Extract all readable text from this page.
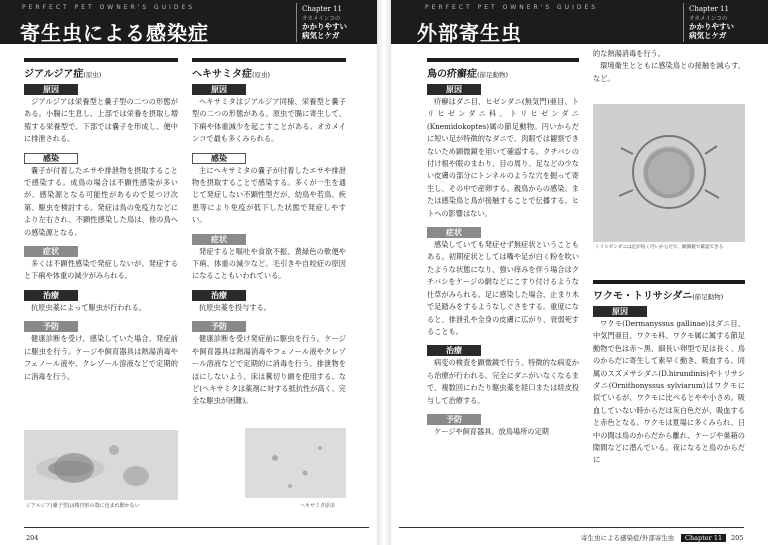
PERFECT PET OWNER'S GUIDES
寄生虫による感染症
Chapter 11
オカメインコの
かかりやすい
病気とケガ
ジアルジア症(原虫)
原因
ジアルジアは栄養型と嚢子型の二つの形態がある。小腸に生息し、上部では栄養を摂取し増殖する栄養型で、下部では嚢子を形成し、便中に排泄される。
感染
嚢子が付着したエサや排泄物を摂取することで感染する。成鳥の場合は不顕性感染が多いが、感染源となる可能性があるので見つけ次第、駆虫を検討する。発症は鳥の免疫力などにより左右され、不顕性感染した鳥は、他の鳥への感染源となる。
症状
多くは不顕性感染で発症しないが、発症すると下痢や体重の減少がみられる。
治療
抗原虫薬によって駆虫が行われる。
予防
健康診断を受け、感染していた場合、発症前に駆虫を行う。ケージや飼育器具は熱湯消毒やフェノール液や、クレゾール溶液などで定期的に消毒を行う。
ヘキサミタ症(原虫)
原因
ヘキサミタはジアルジア同様、栄養型と嚢子型の二つの形態がある。原虫で腸に寄生して、下痢や体重減少を起こすことがある。オカメインコで最も多くみられる。
感染
主にヘキサミタの嚢子が付着したエサや排泄物を摂取することで感染する。多くが一生を通じて発症しない不顕性型だが、幼鳥や若鳥、疾患等により免疫が低下した状態で発症しやすい。
症状
発症すると嘔吐や食欲不振、黄緑色の軟便や下痢、体重の減少など。毛引きや自咬症の原因になることもいわれている。
治療
抗原虫薬を投与する。
予防
健康診断を受け発症前に駆虫を行う。ケージや飼育器具は熱湯消毒やフェノール液やクレゾール溶液などで定期的に消毒を行う。排泄物をはにしないよう、床は糞切り網を使用する、など(ヘキサミタは薬剤に対する抵抗性が高く、完全な駆虫が困難)。
ジアルジア(嚢子型)は楕円形の殻に包まれ動かない	ヘキサミタ原虫
204
PERFECT PET OWNER'S GUIDES
外部寄生虫
Chapter 11
オカメインコの
かかりやすい
病気とケガ
鳥の疥癬症(節足動物)
原因
疥癬はダニ目、ヒゼンダニ(無気門)亜目、トリヒゼンダニ科、トリヒゼンダニ(Knemidokoptes)属の節足動物。円いからだに短い足が特徴的なダニで、肉眼では観察できないため顕微鏡を用いて確認する。クチバシの付け根や眼のまわり、目の周り、足などの少ない皮膚の部分にトンネルのような穴を掘って寄生し、その中で産卵する。親鳥からの感染、または感染鳥と鳥が接触することで伝播する。ヒトへの影響はない。
症状
感染していても発症せず無症状ということもある。初期症状としては嘴や足が白く粉を吹いたような状態になり、強い痒みを伴う場合はクチバシをケージの網などにこすり付けるような仕草がみられる。足に感染した場合、止まり木で足踏みをするようなしぐさをする。重度になると、排泄孔や全身の皮膚に広がり、衰弱死することも。
治療
病変の検査を顕微鏡で行う。特徴的な病変から治療が行われる。完全にダニがいなくなるまで、複数回にわたり駆虫薬を経口または経皮投与して治療する。
予防
ケージや飼育器具、放鳥場所の定期
的な熱湯消毒を行う。
環境衛生とともに感染鳥との接触を減らす、など。
トリヒゼンダニは足が短く円いからだで、顕微鏡で確認できる
ワクモ・トリサシダニ(節足動物)
原因
ワクモ(Dermanyssus gallinae)はダニ目、中気門亜目、ワクモ科、ワクモ属に属する節足動物で色は赤～黒、細長い卵型で足は長く、鳥のからだに寄生して素早く動き、吸血する。同属のスズメサシダニ(D.hirundinis)やトリサシダニ(Ornithonyssus sylviarum)はワクモに似ているが、ワクモに比べるとやや小さめ。吸血していない時からだは灰白色だが、吸血すると赤色となる。ワクモは夏場に多くみられ、日中の間は鳥のからだから離れ、ケージや巣箱の隙間などに潜んでいる。夜になると鳥のからだに
寄生虫による感染症/外部寄生虫	Chapter 11	205
